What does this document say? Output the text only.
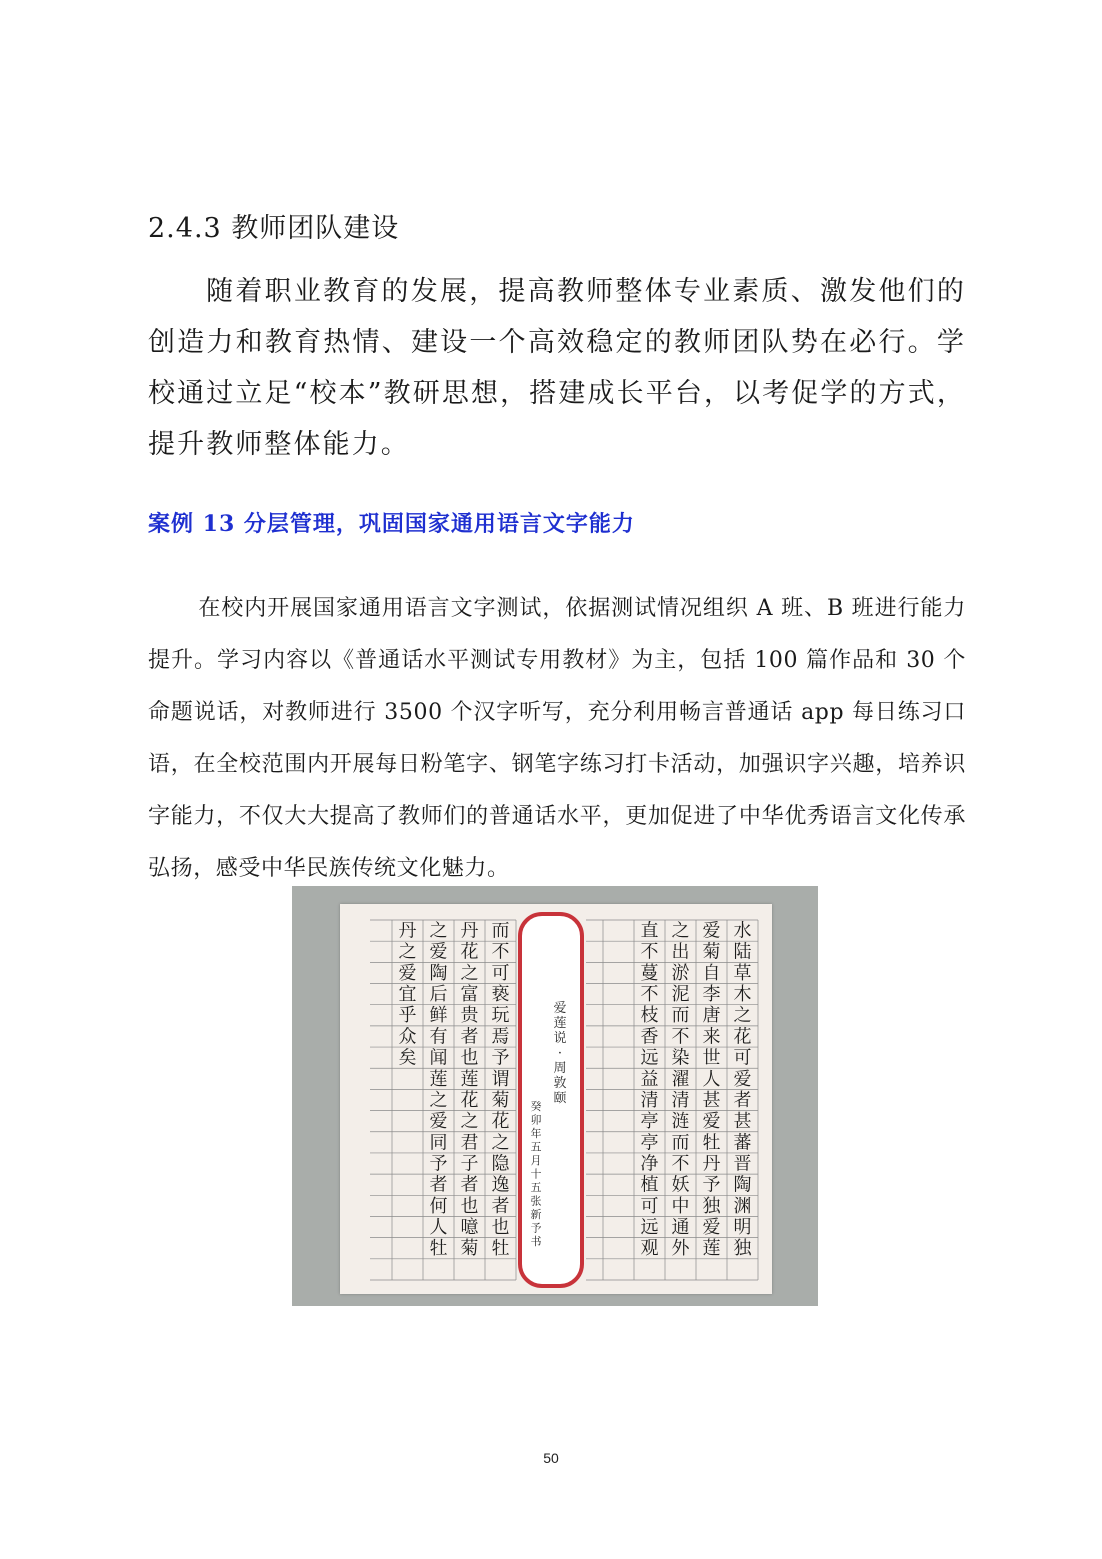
2.4.3 教师团队建设
随着职业教育的发展，提高教师整体专业素质、激发他们的创造力和教育热情、建设一个高效稳定的教师团队势在必行。学校通过立足“校本”教研思想，搭建成长平台，以考促学的方式，提升教师整体能力。
案例 13 分层管理，巩固国家通用语言文字能力
在校内开展国家通用语言文字测试，依据测试情况组织 A 班、B 班进行能力提升。学习内容以《普通话水平测试专用教材》为主，包括 100 篇作品和 30 个命题说话，对教师进行 3500 个汉字听写，充分利用畅言普通话 app 每日练习口语，在全校范围内开展每日粉笔字、钢笔字练习打卡活动，加强识字兴趣，培养识字能力，不仅大大提高了教师们的普通话水平，更加促进了中华优秀语言文化传承弘扬，感受中华民族传统文化魅力。
水
陆
草
木
之
花
可
爱
者
甚
蕃
晋
陶
渊
明
独
爱
菊
自
李
唐
来
世
人
甚
爱
牡
丹
予
独
爱
莲
之
出
淤
泥
而
不
染
濯
清
涟
而
不
妖
中
通
外
直
不
蔓
不
枝
香
远
益
清
亭
亭
净
植
可
远
观
而
不
可
亵
玩
焉
予
谓
菊
花
之
隐
逸
者
也
牡
丹
花
之
富
贵
者
也
莲
花
之
君
子
者
也
噫
菊
之
爱
陶
后
鲜
有
闻
莲
之
爱
同
予
者
何
人
牡
丹
之
爱
宜
乎
众
矣
爱
莲
说
·
周
敦
颐
癸
卯
年
五
月
十
五
张
新
予
书
50
